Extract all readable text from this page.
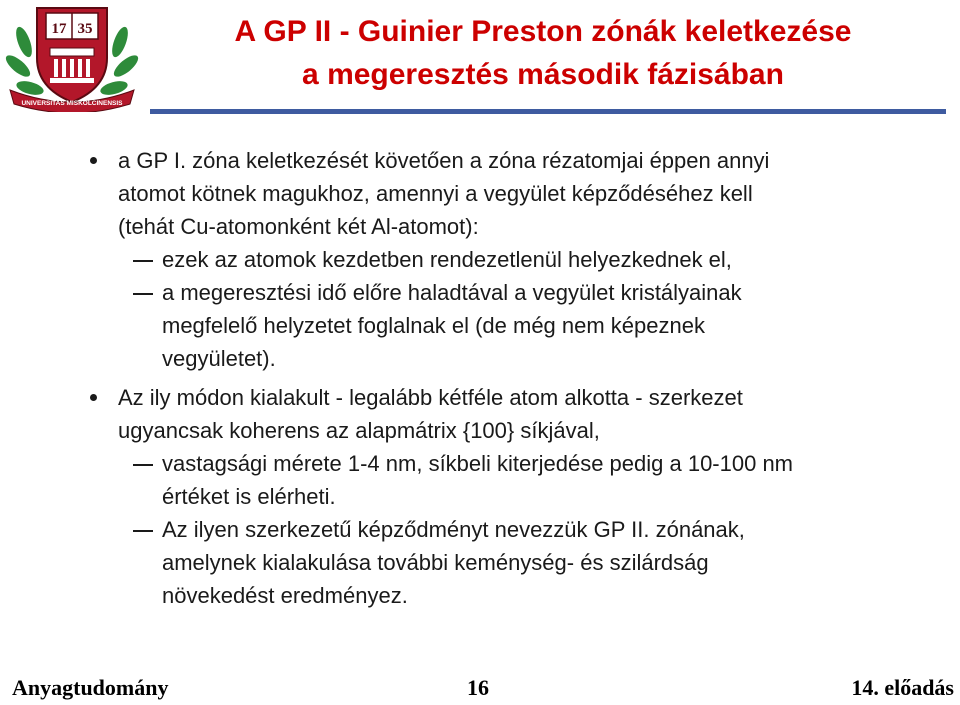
17 35
UNIVERSITAS MISKOLCINENSIS
A GP II - Guinier Preston zónák keletkezése
a megeresztés második fázisában
a GP I. zóna keletkezését követően a zóna rézatomjai éppen annyi
atomot kötnek magukhoz, amennyi a vegyület képződéséhez kell
(tehát Cu-atomonként két Al-atomot):
ezek az atomok kezdetben rendezetlenül helyezkednek el,
a megeresztési idő előre haladtával a vegyület kristályainak
megfelelő helyzetet foglalnak el (de még nem képeznek
vegyületet).
Az ily módon kialakult - legalább kétféle atom alkotta - szerkezet
ugyancsak koherens az alapmátrix {100} síkjával,
vastagsági mérete 1-4 nm, síkbeli kiterjedése pedig a 10-100 nm
értéket is elérheti.
Az ilyen szerkezetű képződményt nevezzük GP II. zónának,
amelynek kialakulása további keménység- és szilárdság
növekedést eredményez.
Anyagtudomány	16	14. előadás
